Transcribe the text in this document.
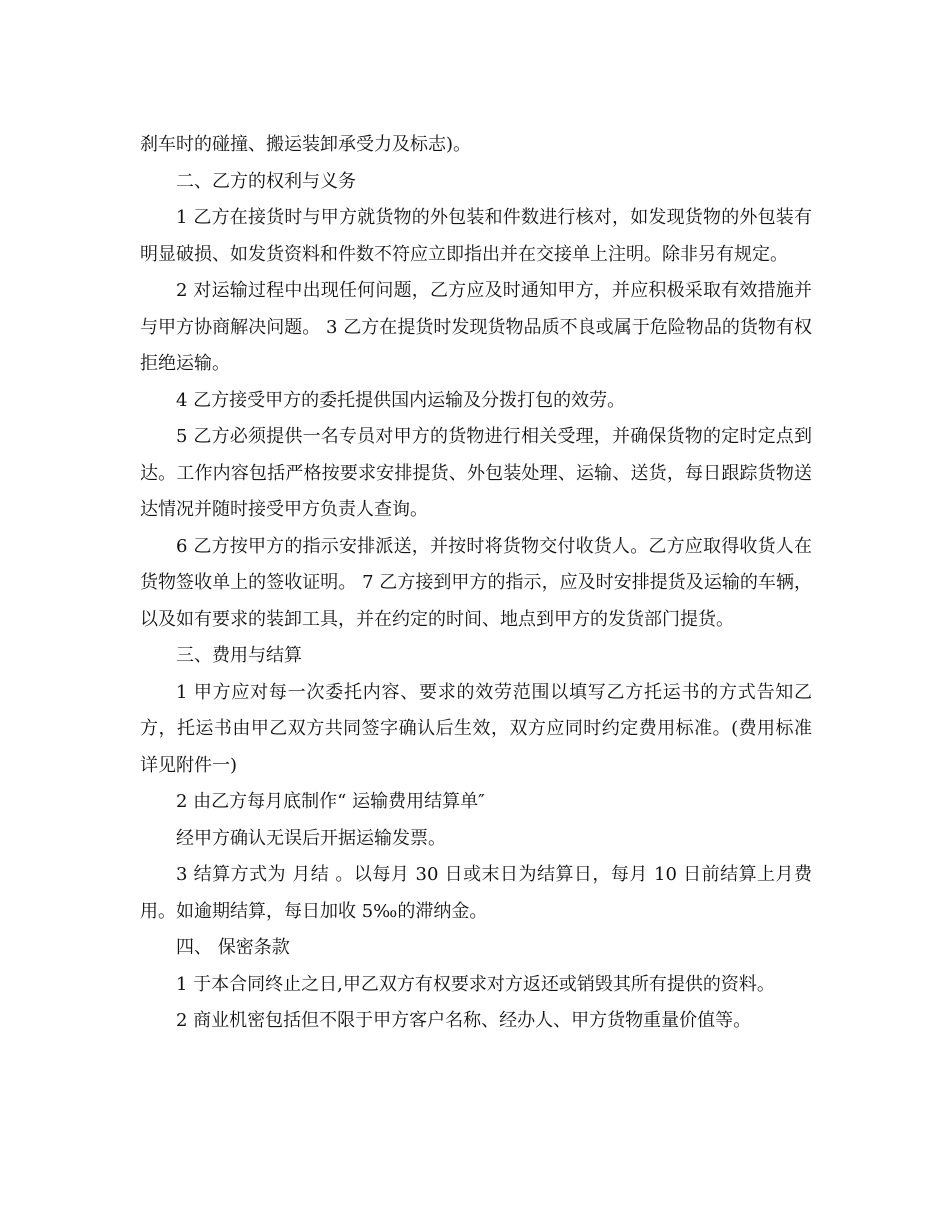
刹车时的碰撞、搬运装卸承受力及标志)。

二、乙方的权利与义务

1 乙方在接货时与甲方就货物的外包装和件数进行核对，如发现货物的外包装有明显破损、如发货资料和件数不符应立即指出并在交接单上注明。除非另有规定。

2 对运输过程中出现任何问题，乙方应及时通知甲方，并应积极采取有效措施并与甲方协商解决问题。 3 乙方在提货时发现货物品质不良或属于危险物品的货物有权拒绝运输。

4 乙方接受甲方的委托提供国内运输及分拨打包的效劳。

5 乙方必须提供一名专员对甲方的货物进行相关受理，并确保货物的定时定点到达。工作内容包括严格按要求安排提货、外包装处理、运输、送货，每日跟踪货物送达情况并随时接受甲方负责人查询。

6 乙方按甲方的指示安排派送，并按时将货物交付收货人。乙方应取得收货人在货物签收单上的签收证明。 7 乙方接到甲方的指示，应及时安排提货及运输的车辆，以及如有要求的装卸工具，并在约定的时间、地点到甲方的发货部门提货。

三、费用与结算

1 甲方应对每一次委托内容、要求的效劳范围以填写乙方托运书的方式告知乙方，托运书由甲乙双方共同签字确认后生效，双方应同时约定费用标准。(费用标准详见附件一)

2 由乙方每月底制作“ 运输费用结算单″

经甲方确认无误后开据运输发票。

3 结算方式为 月结 。以每月 30 日或末日为结算日，每月 10 日前结算上月费用。如逾期结算，每日加收 5‰的滞纳金。

四、 保密条款

1 于本合同终止之日,甲乙双方有权要求对方返还或销毁其所有提供的资料。

2 商业机密包括但不限于甲方客户名称、经办人、甲方货物重量价值等。
